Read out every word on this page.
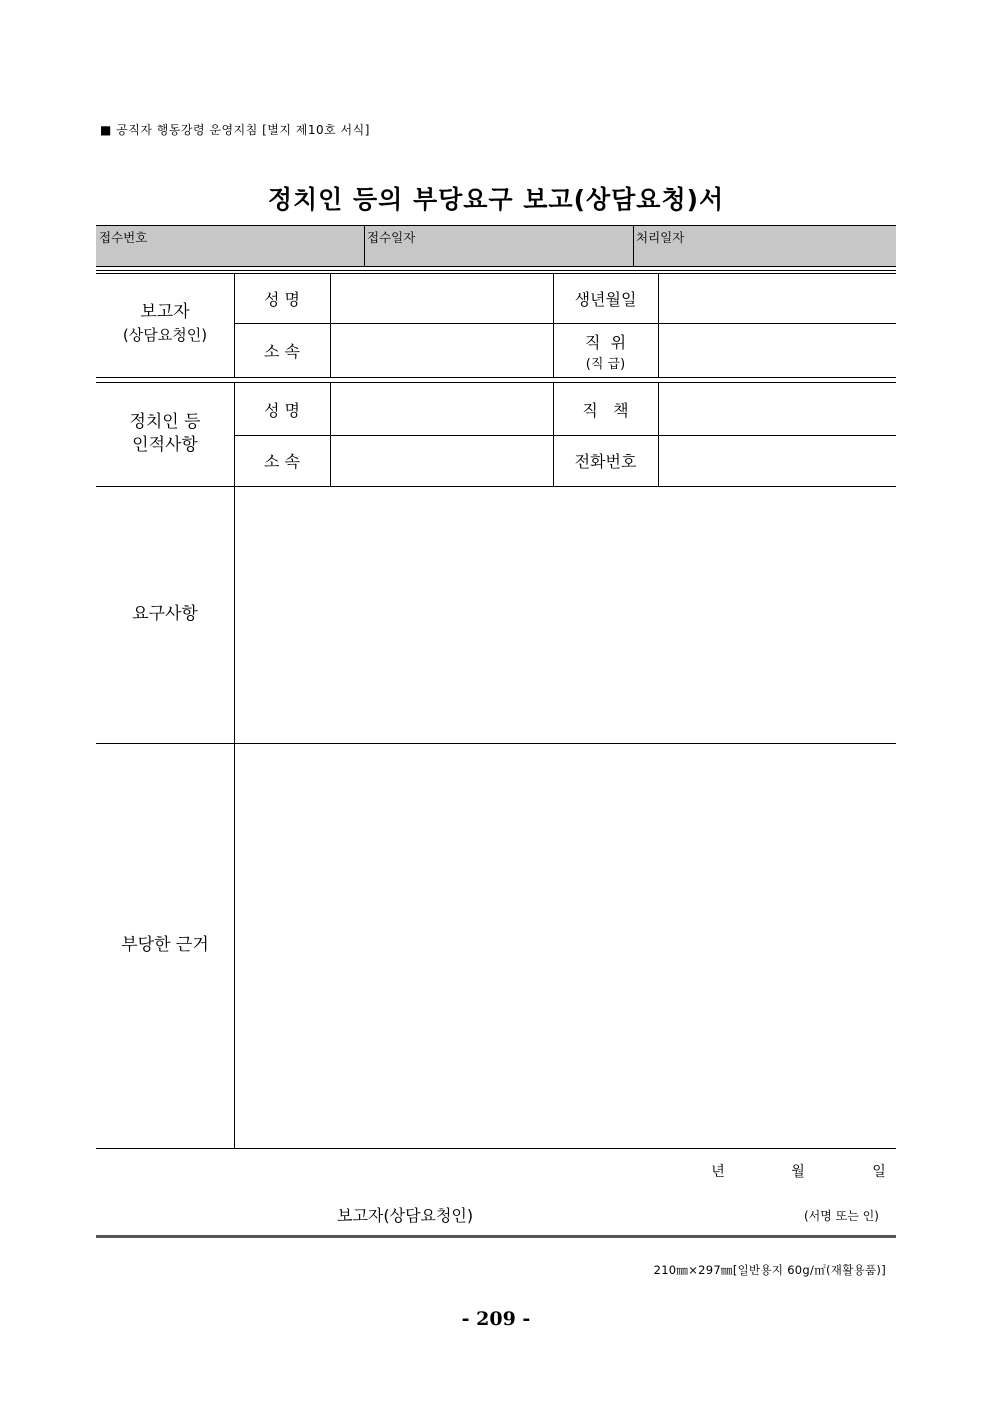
■ 공직자 행동강령 운영지침 [별지 제10호 서식]
정치인 등의 부당요구 보고(상담요청)서
접수번호	접수일자	처리일자
보고자
(상담요청인)
성 명	생년월일
소 속	직  위
(직 급)
정치인 등
인적사항
성 명	직   책
소 속	전화번호
요구사항
부당한 근거
년	월	일
보고자(상담요청인)	(서명 또는 인)
210㎜×297㎜[일반용지 60g/㎡(재활용품)]
- 209 -
